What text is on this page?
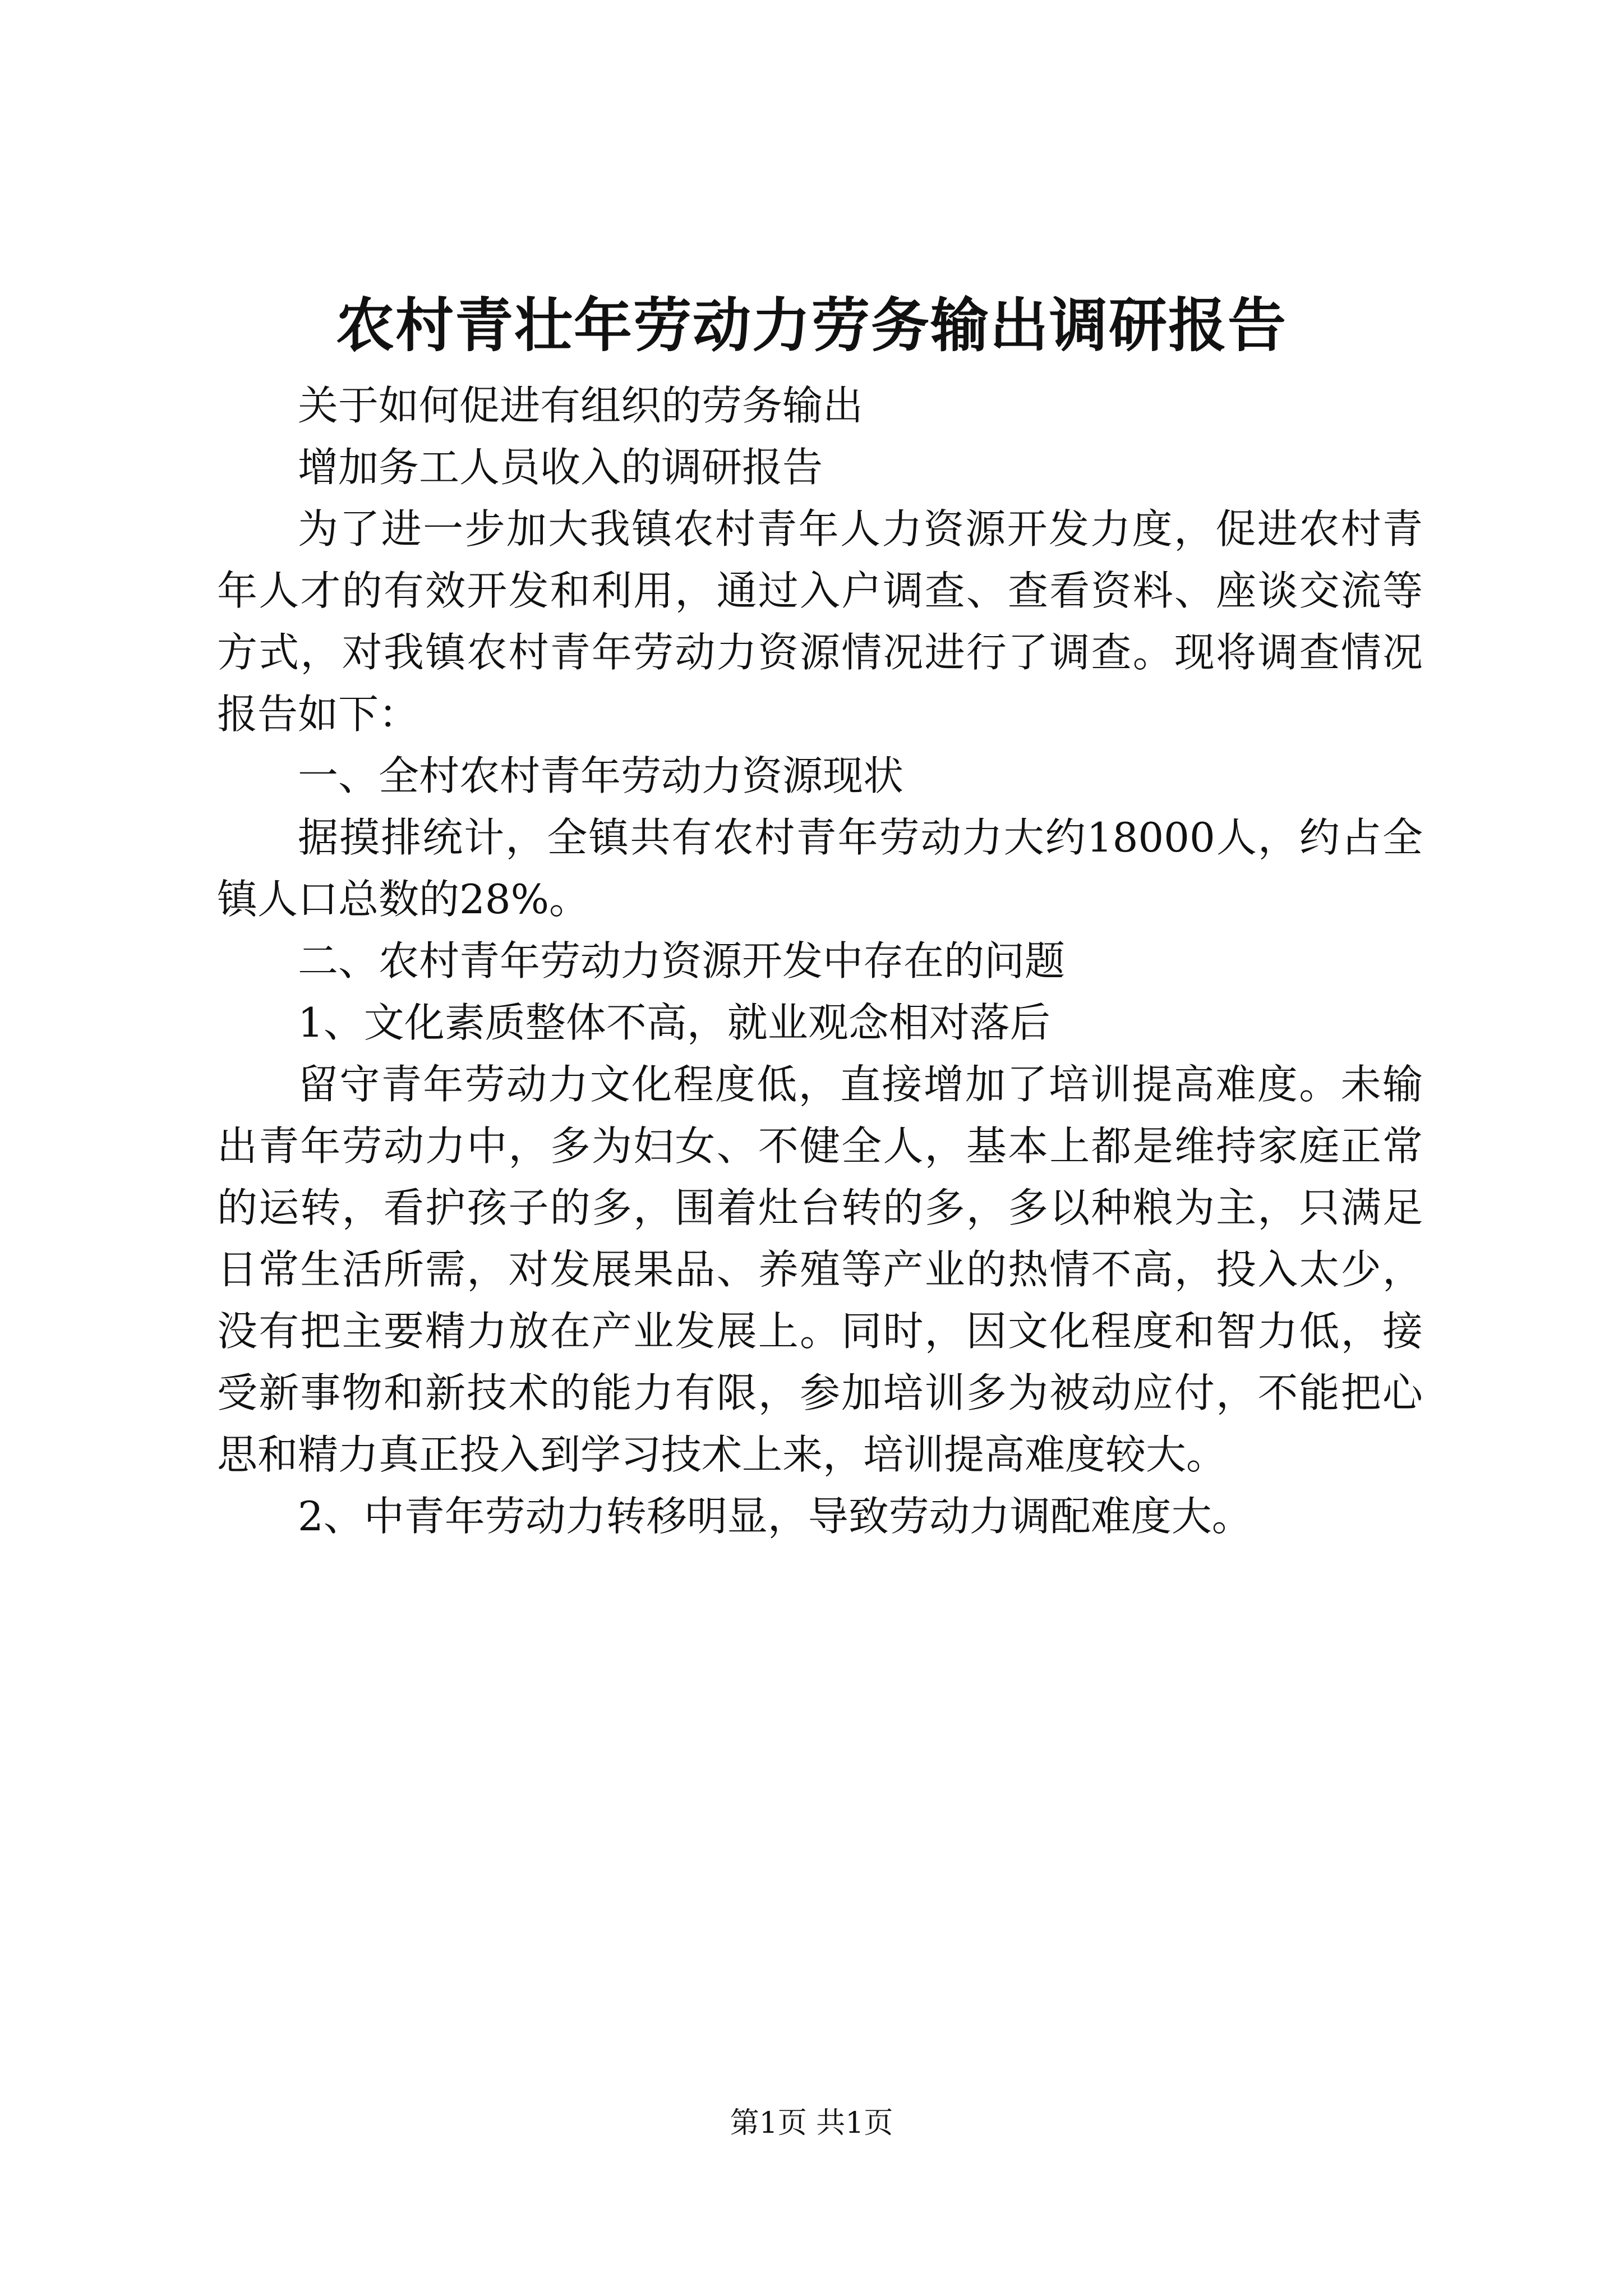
农村青壮年劳动力劳务输出调研报告

关于如何促进有组织的劳务输出

增加务工人员收入的调研报告

为了进一步加大我镇农村青年人力资源开发力度，促进农村青年人才的有效开发和利用，通过入户调查、查看资料、座谈交流等方式，对我镇农村青年劳动力资源情况进行了调查。现将调查情况报告如下：

一、全村农村青年劳动力资源现状

据摸排统计，全镇共有农村青年劳动力大约18000人，约占全镇人口总数的28%。

二、农村青年劳动力资源开发中存在的问题

1、文化素质整体不高，就业观念相对落后

留守青年劳动力文化程度低，直接增加了培训提高难度。未输出青年劳动力中，多为妇女、不健全人，基本上都是维持家庭正常的运转，看护孩子的多，围着灶台转的多，多以种粮为主，只满足日常生活所需，对发展果品、养殖等产业的热情不高，投入太少，没有把主要精力放在产业发展上。同时，因文化程度和智力低，接受新事物和新技术的能力有限，参加培训多为被动应付，不能把心思和精力真正投入到学习技术上来，培训提高难度较大。

2、中青年劳动力转移明显，导致劳动力调配难度大。

第1页 共1页
